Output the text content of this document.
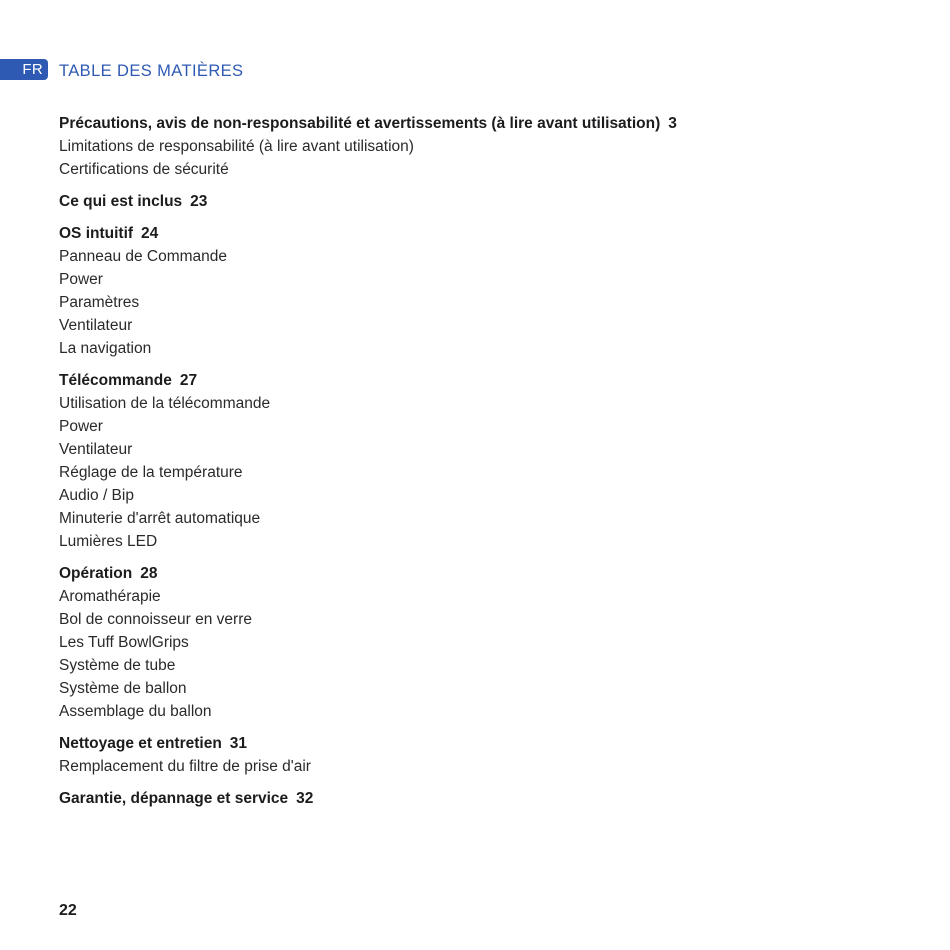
FR TABLE DES MATIÈRES
Précautions, avis de non-responsabilité et avertissements (à lire avant utilisation) 3
Limitations de responsabilité (à lire avant utilisation)
Certifications de sécurité
Ce qui est inclus 23
OS intuitif 24
Panneau de Commande
Power
Paramètres
Ventilateur
La navigation
Télécommande 27
Utilisation de la télécommande
Power
Ventilateur
Réglage de la température
Audio / Bip
Minuterie d'arrêt automatique
Lumières LED
Opération 28
Aromathérapie
Bol de connoisseur en verre
Les Tuff BowlGrips
Système de tube
Système de ballon
Assemblage du ballon
Nettoyage et entretien 31
Remplacement du filtre de prise d'air
Garantie, dépannage et service 32
22
